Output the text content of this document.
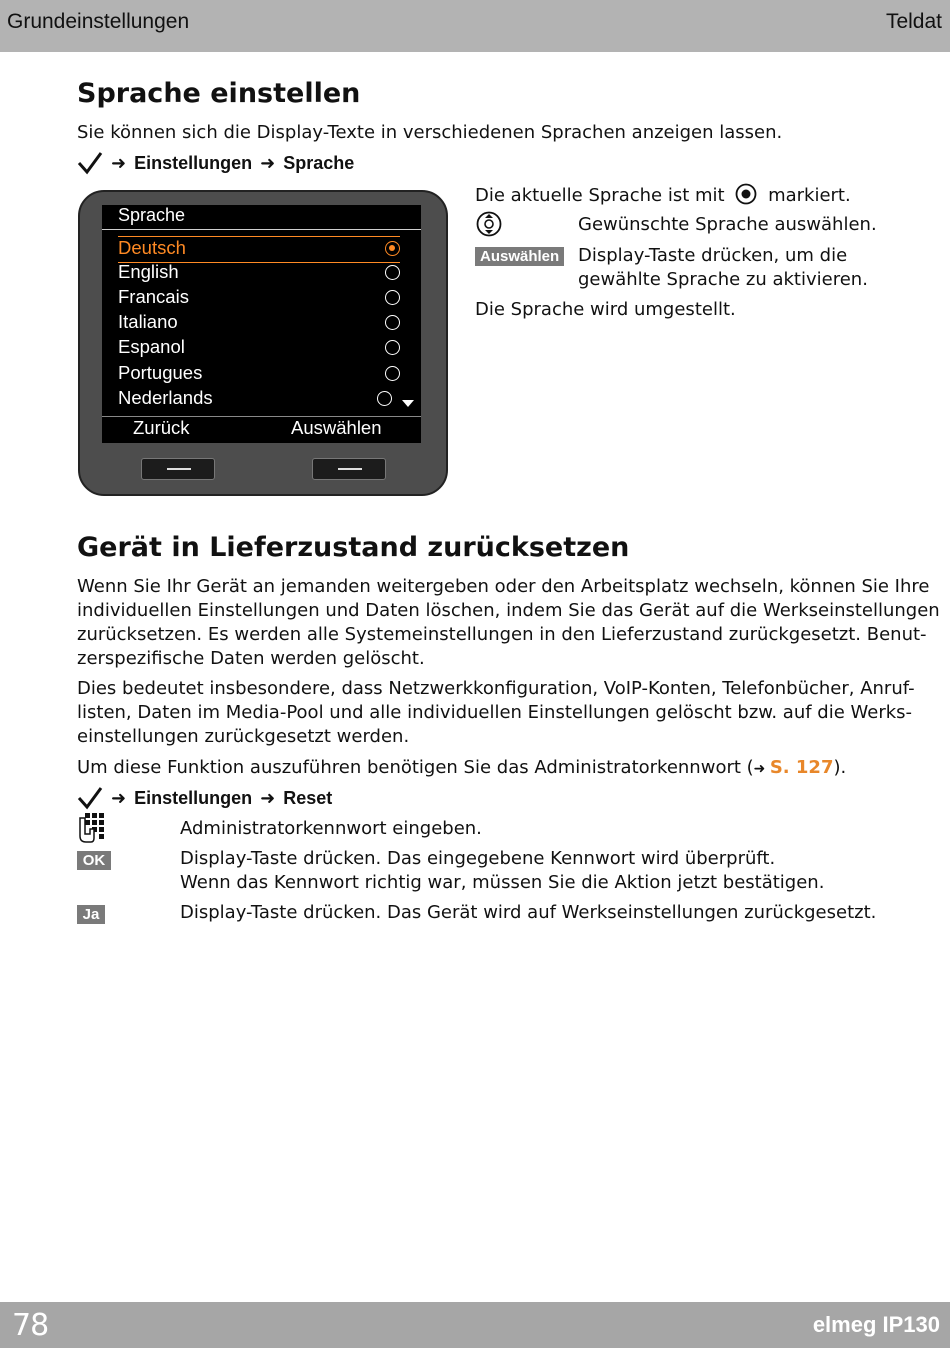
Grundeinstellungen	Teldat
Sprache einstellen

Sie können sich die Display-Texte in verschiedenen Sprachen anzeigen lassen.

➜ Einstellungen ➜ Sprache
Sprache
Deutsch
English
Francais
Italiano
Espanol
Portugues
Nederlands
Zurück	Auswählen
Die aktuelle Sprache ist mit markiert.
Gewünschte Sprache auswählen.
Auswählen Display-Taste drücken, um die
gewählte Sprache zu aktivieren.
Die Sprache wird umgestellt.
Gerät in Lieferzustand zurücksetzen
Wenn Sie Ihr Gerät an jemanden weitergeben oder den Arbeitsplatz wechseln, können Sie Ihre
individuellen Einstellungen und Daten löschen, indem Sie das Gerät auf die Werkseinstellungen
zurücksetzen. Es werden alle Systemeinstellungen in den Lieferzustand zurückgesetzt. Benut-
zerspezifische Daten werden gelöscht.
Dies bedeutet insbesondere, dass Netzwerkkonfiguration, VoIP-Konten, Telefonbücher, Anruf-
listen, Daten im Media-Pool und alle individuellen Einstellungen gelöscht bzw. auf die Werks-
einstellungen zurückgesetzt werden.
Um diese Funktion auszuführen benötigen Sie das Administratorkennwort (➜ S. 127).
➜ Einstellungen ➜ Reset
Administratorkennwort eingeben.
OK	Display-Taste drücken. Das eingegebene Kennwort wird überprüft.
Wenn das Kennwort richtig war, müssen Sie die Aktion jetzt bestätigen.
Ja	Display-Taste drücken. Das Gerät wird auf Werkseinstellungen zurückgesetzt.
78	elmeg IP130
